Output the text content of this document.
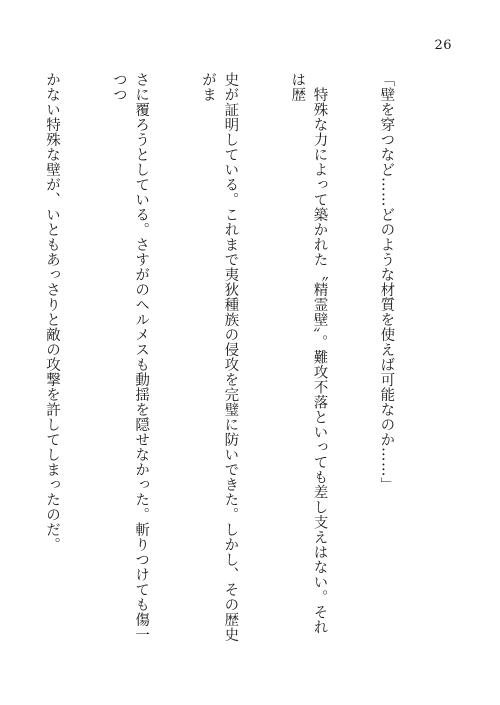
26

「壁を穿つなど……どのような材質を使えば可能なのか……」

　特殊な力によって築かれた〝精霊壁〟。難攻不落といっても差し支えはない。それは歴

史が証明している。これまで夷狄種族の侵攻を完璧に防いできた。しかし、その歴史がま

さに覆ろうとしている。さすがのヘルメスも動揺を隠せなかった。斬りつけても傷一つつ

かない特殊な壁が、いともあっさりと敵の攻撃を許してしまったのだ。
